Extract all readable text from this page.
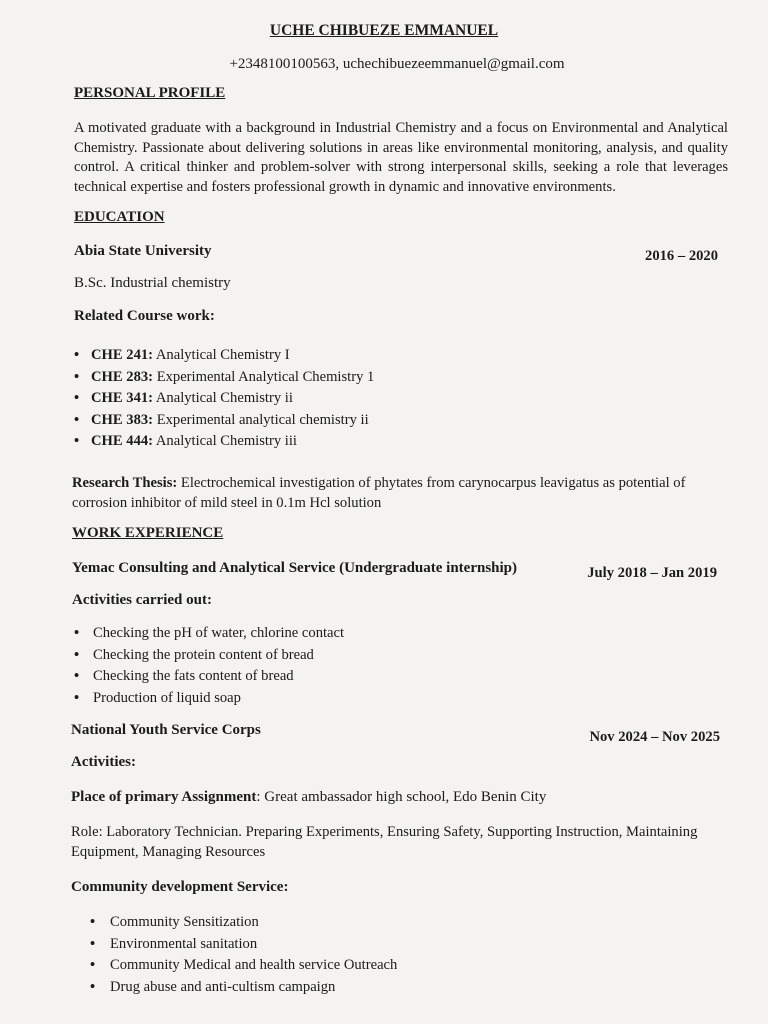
UCHE CHIBUEZE EMMANUEL
+2348100100563, uchechibuezeemmanuel@gmail.com
PERSONAL PROFILE
A motivated graduate with a background in Industrial Chemistry and a focus on Environmental and Analytical Chemistry. Passionate about delivering solutions in areas like environmental monitoring, analysis, and quality control. A critical thinker and problem-solver with strong interpersonal skills, seeking a role that leverages technical expertise and fosters professional growth in dynamic and innovative environments.
EDUCATION
Abia State University	2016 – 2020
B.Sc. Industrial chemistry
Related Course work:
• CHE 241: Analytical Chemistry I
• CHE 283: Experimental Analytical Chemistry 1
• CHE 341: Analytical Chemistry ii
• CHE 383: Experimental analytical chemistry ii
• CHE 444: Analytical Chemistry iii
Research Thesis: Electrochemical investigation of phytates from carynocarpus leavigatus as potential of corrosion inhibitor of mild steel in 0.1m Hcl solution
WORK EXPERIENCE
Yemac Consulting and Analytical Service (Undergraduate internship)	July 2018 – Jan 2019
Activities carried out:
• Checking the pH of water, chlorine contact
• Checking the protein content of bread
• Checking the fats content of bread
• Production of liquid soap
National Youth Service Corps	Nov 2024 – Nov 2025
Activities:
Place of primary Assignment: Great ambassador high school, Edo Benin City
Role: Laboratory Technician. Preparing Experiments, Ensuring Safety, Supporting Instruction, Maintaining Equipment, Managing Resources
Community development Service:
• Community Sensitization
• Environmental sanitation
• Community Medical and health service Outreach
• Drug abuse and anti-cultism campaign
